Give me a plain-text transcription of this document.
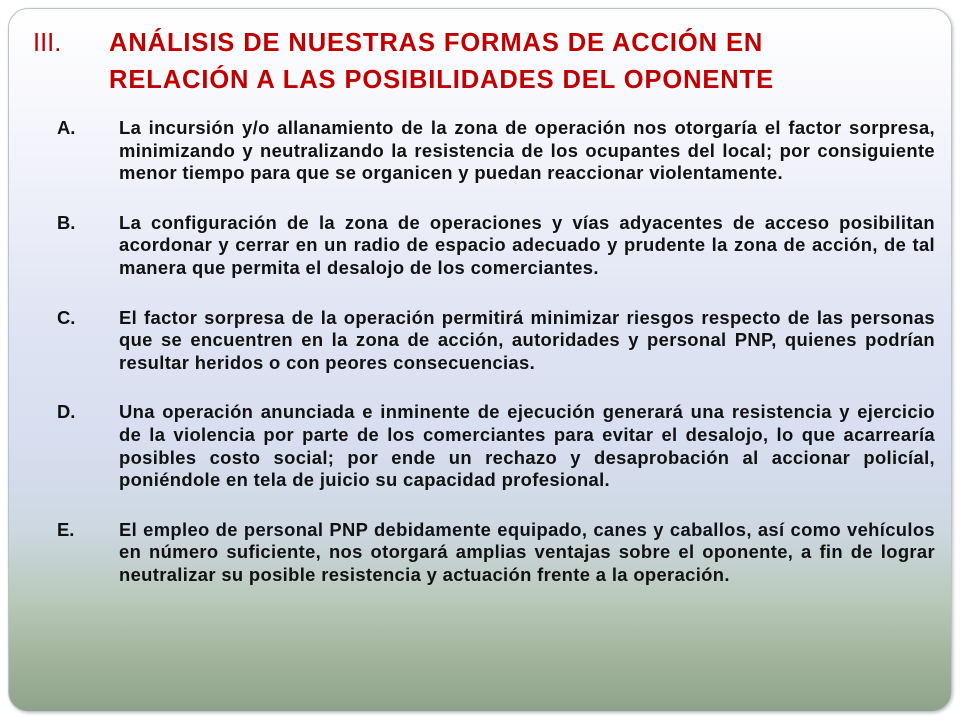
III.	ANÁLISIS DE NUESTRAS FORMAS DE ACCIÓN EN
RELACIÓN A LAS POSIBILIDADES DEL OPONENTE
A.	La incursión y/o allanamiento de la zona de operación nos otorgaría el factor sorpresa, minimizando y neutralizando la resistencia de los ocupantes del local; por consiguiente menor tiempo para que se organicen y puedan reaccionar violentamente.
B.	La configuración de la zona de operaciones y vías adyacentes de acceso posibilitan acordonar y cerrar en un radio de espacio adecuado y prudente la zona de acción, de tal manera que permita el desalojo de los comerciantes.
C.	El factor sorpresa de la operación permitirá minimizar riesgos respecto de las personas que se encuentren en la zona de acción, autoridades y personal PNP, quienes podrían resultar heridos o con peores consecuencias.
D.	Una operación anunciada e inminente de ejecución generará una resistencia y ejercicio de la violencia por parte de los comerciantes para evitar el desalojo, lo que acarrearía posibles costo social; por ende un rechazo y desaprobación al accionar policíal, poniéndole en tela de juicio su capacidad profesional.
E.	El empleo de personal PNP debidamente equipado, canes y caballos, así como vehículos en número suficiente, nos otorgará amplias ventajas sobre el oponente, a fin de lograr neutralizar su posible resistencia y actuación frente a la operación.
